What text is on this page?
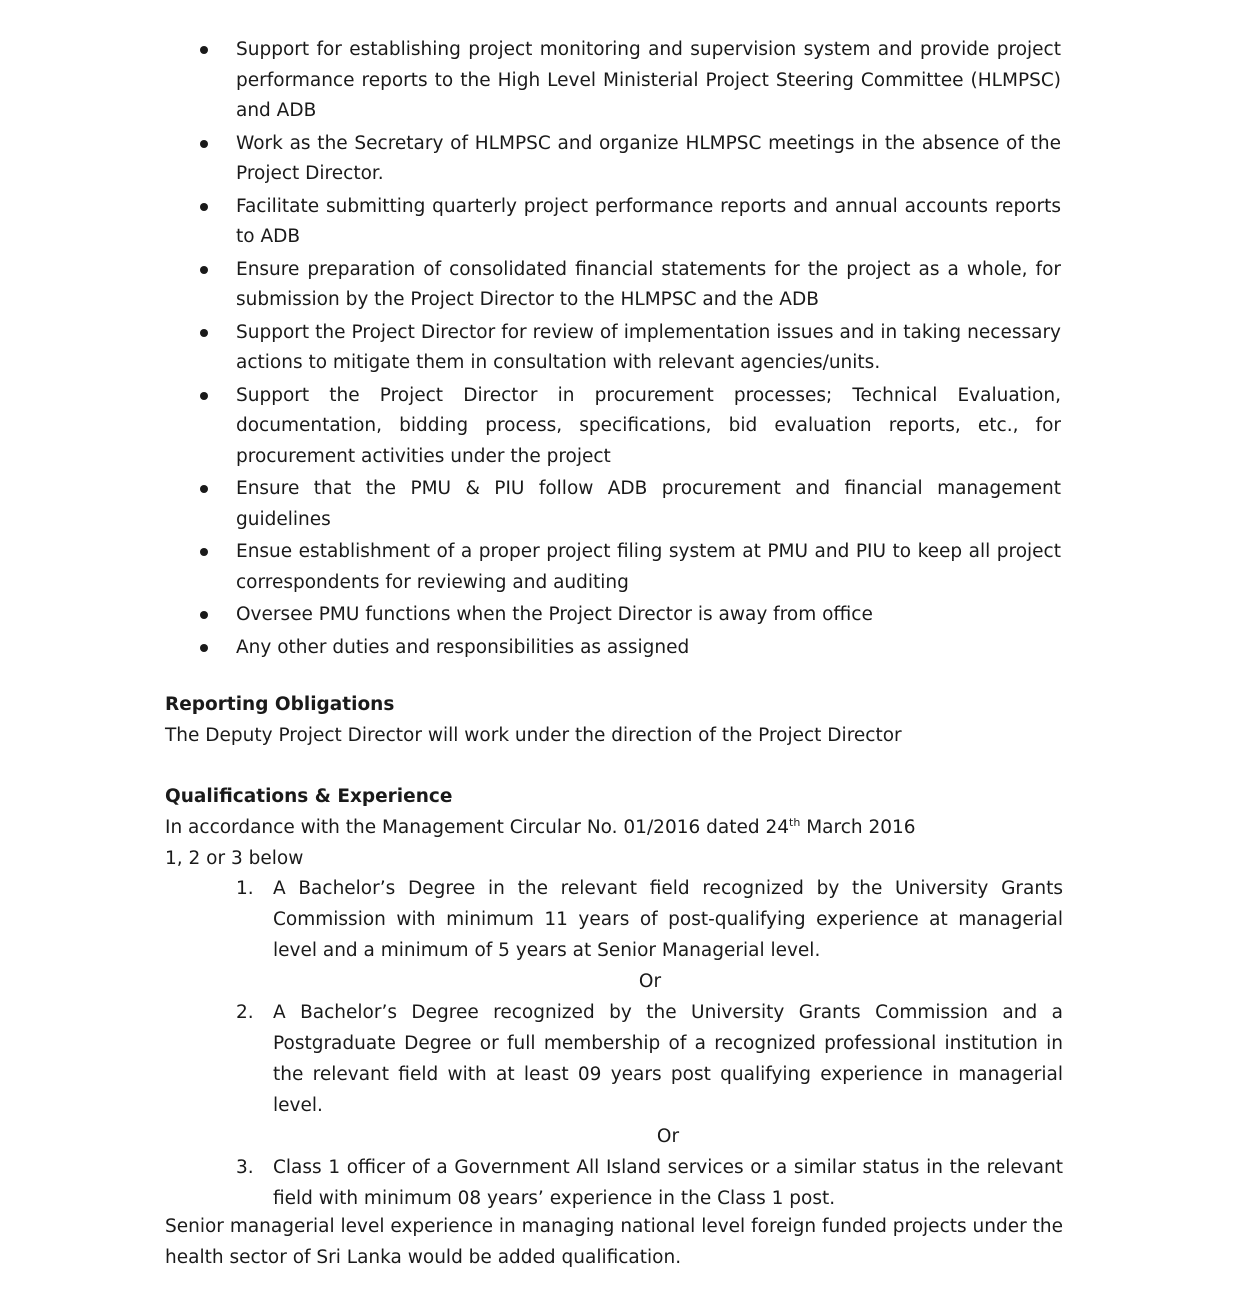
Support for establishing project monitoring and supervision system and provide project performance reports to the High Level Ministerial Project Steering Committee (HLMPSC) and ADB
Work as the Secretary of HLMPSC and organize HLMPSC meetings in the absence of the Project Director.
Facilitate submitting quarterly project performance reports and annual accounts reports to ADB
Ensure preparation of consolidated financial statements for the project as a whole, for submission by the Project Director to the HLMPSC and the ADB
Support the Project Director for review of implementation issues and in taking necessary actions to mitigate them in consultation with relevant agencies/units.
Support the Project Director in procurement processes; Technical Evaluation, documentation, bidding process, specifications, bid evaluation reports, etc., for procurement activities under the project
Ensure that the PMU & PIU follow ADB procurement and financial management guidelines
Ensue establishment of a proper project filing system at PMU and PIU to keep all project correspondents for reviewing and auditing
Oversee PMU functions when the Project Director is away from office
Any other duties and responsibilities as assigned
Reporting Obligations
The Deputy Project Director will work under the direction of the Project Director
Qualifications & Experience
In accordance with the Management Circular No. 01/2016 dated 24th March 2016
1, 2 or 3 below
1. A Bachelor’s Degree in the relevant field recognized by the University Grants Commission with minimum 11 years of post-qualifying experience at managerial level and a minimum of 5 years at Senior Managerial level.
Or
2. A Bachelor’s Degree recognized by the University Grants Commission and a Postgraduate Degree or full membership of a recognized professional institution in the relevant field with at least 09 years post qualifying experience in managerial level.
Or
3. Class 1 officer of a Government All Island services or a similar status in the relevant field with minimum 08 years’ experience in the Class 1 post.
Senior managerial level experience in managing national level foreign funded projects under the health sector of Sri Lanka would be added qualification.
